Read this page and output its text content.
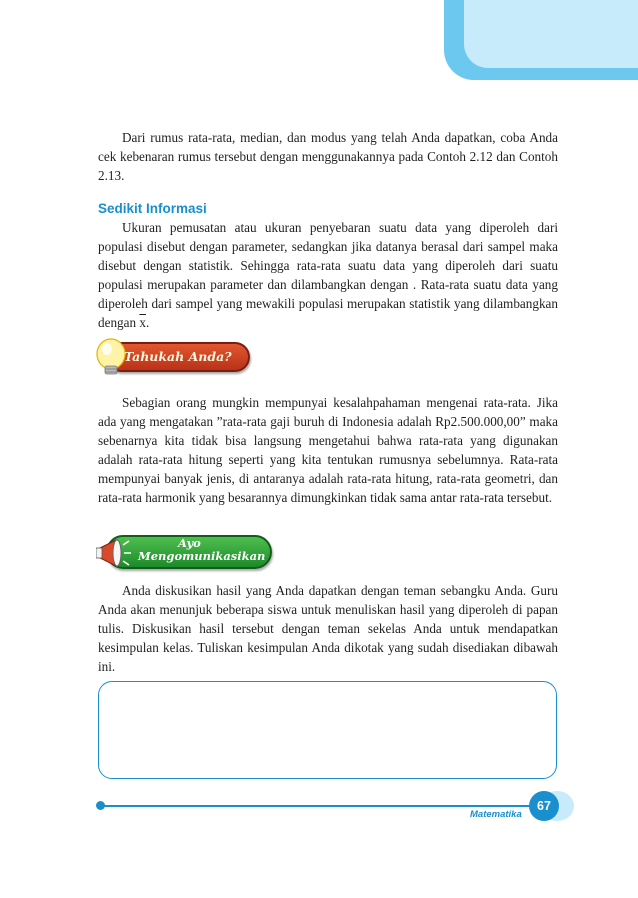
Dari rumus rata-rata, median, dan modus yang telah Anda dapatkan, coba Anda cek kebenaran rumus tersebut dengan menggunakannya pada Contoh 2.12 dan Contoh 2.13.

Sedikit Informasi

Ukuran pemusatan atau ukuran penyebaran suatu data yang diperoleh dari populasi disebut dengan parameter, sedangkan jika datanya berasal dari sampel maka disebut dengan statistik. Sehingga rata-rata suatu data yang diperoleh dari suatu populasi merupakan parameter dan dilambangkan dengan . Rata-rata suatu data yang diperoleh dari sampel yang mewakili populasi merupakan statistik yang dilambangkan dengan $\overline{x}$.

Tahukah Anda?

Sebagian orang mungkin mempunyai kesalahpahaman mengenai rata-rata. Jika ada yang mengatakan ”rata-rata gaji buruh di Indonesia adalah Rp2.500.000,00” maka sebenarnya kita tidak bisa langsung mengetahui bahwa rata-rata yang digunakan adalah rata-rata hitung seperti yang kita tentukan rumusnya sebelumnya. Rata-rata mempunyai banyak jenis, di antaranya adalah rata-rata hitung, rata-rata geometri, dan rata-rata harmonik yang besarannya dimungkinkan tidak sama antar rata-rata tersebut.

Ayo
Mengomunikasikan

Anda diskusikan hasil yang Anda dapatkan dengan teman sebangku Anda. Guru Anda akan menunjuk beberapa siswa untuk menuliskan hasil yang diperoleh di papan tulis. Diskusikan hasil tersebut dengan teman sekelas Anda untuk mendapatkan kesimpulan kelas. Tuliskan kesimpulan Anda dikotak yang sudah disediakan dibawah ini.

Matematika
67
